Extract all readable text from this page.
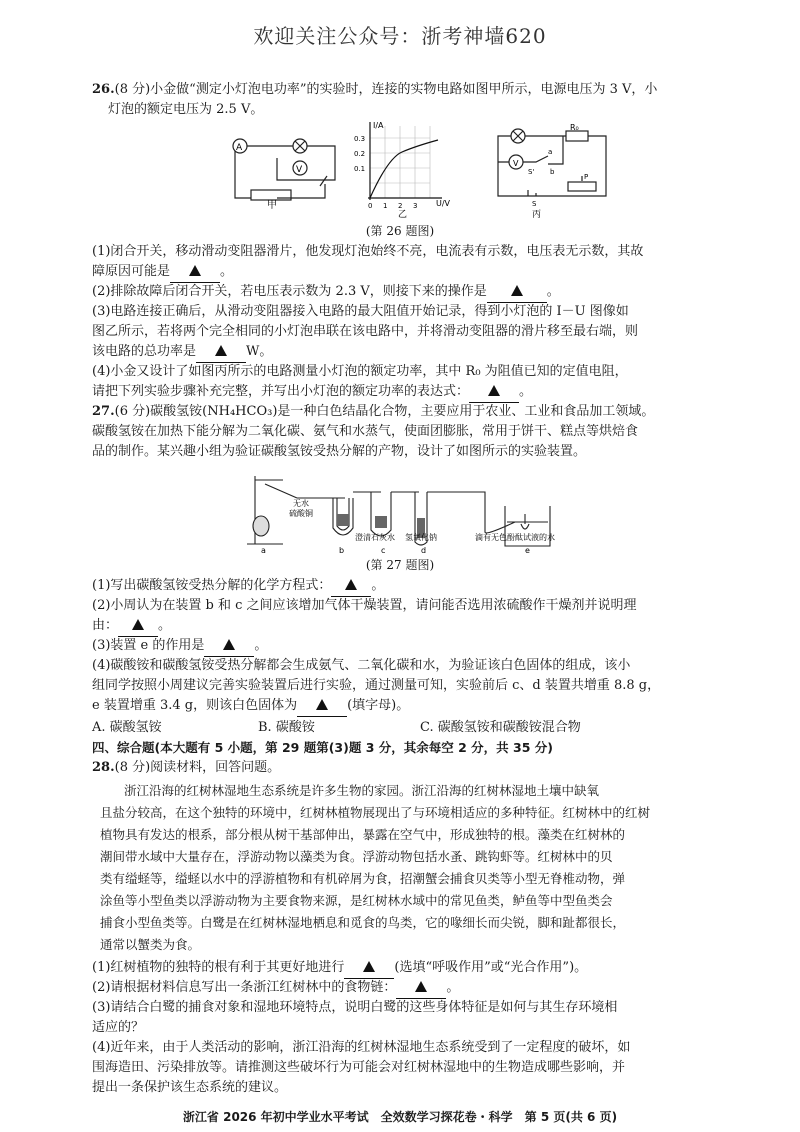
欢迎关注公众号：浙考神墙620
26.(8 分)小金做“测定小灯泡电功率”的实验时，连接的实物电路如图甲所示，电源电压为 3 V，小
灯泡的额定电压为 2.5 V。
A
V
甲
I/A
U/V
0.3
0.2
0.1
0 1 2 3
乙
V
R₀
a
b
S'
P
S
丙
(第 26 题图)
(1)闭合开关，移动滑动变阻器滑片，他发现灯泡始终不亮，电流表有示数，电压表无示数，其故
障原因可能是	。
(2)排除故障后闭合开关，若电压表示数为 2.3 V，则接下来的操作是	。
(3)电路连接正确后，从滑动变阻器接入电路的最大阻值开始记录，得到小灯泡的 I－U 图像如
图乙所示，若将两个完全相同的小灯泡串联在该电路中，并将滑动变阻器的滑片移至最右端，则
该电路的总功率是	W。
(4)小金又设计了如图丙所示的电路测量小灯泡的额定功率，其中 R₀ 为阻值已知的定值电阻，
请把下列实验步骤补充完整，并写出小灯泡的额定功率的表达式：	。
27.(6 分)碳酸氢铵(NH₄HCO₃)是一种白色结晶化合物，主要应用于农业、工业和食品加工领域。
碳酸氢铵在加热下能分解为二氧化碳、氨气和水蒸气，使面团膨胀，常用于饼干、糕点等烘焙食
品的制作。某兴趣小组为验证碳酸氢铵受热分解的产物，设计了如图所示的实验装置。
无水
硫酸铜
澄清石灰水 氢氧化钠	滴有无色酚酞试液的水
a	b	c	d	e
(第 27 题图)
(1)写出碳酸氢铵受热分解的化学方程式：	。
(2)小周认为在装置 b 和 c 之间应该增加气体干燥装置，请问能否选用浓硫酸作干燥剂并说明理
由：	。
(3)装置 e 的作用是	。
(4)碳酸铵和碳酸氢铵受热分解都会生成氨气、二氧化碳和水，为验证该白色固体的组成，该小
组同学按照小周建议完善实验装置后进行实验，通过测量可知，实验前后 c、d 装置共增重 8.8 g，
e 装置增重 3.4 g，则该白色固体为	(填字母)。
A. 碳酸氢铵	B. 碳酸铵	C. 碳酸氢铵和碳酸铵混合物
四、综合题(本大题有 5 小题，第 29 题第(3)题 3 分，其余每空 2 分，共 35 分)
28.(8 分)阅读材料，回答问题。
浙江沿海的红树林湿地生态系统是许多生物的家园。浙江沿海的红树林湿地土壤中缺氧
且盐分较高，在这个独特的环境中，红树林植物展现出了与环境相适应的多种特征。红树林中的红树
植物具有发达的根系，部分根从树干基部伸出，暴露在空气中，形成独特的根。藻类在红树林的
潮间带水域中大量存在，浮游动物以藻类为食。浮游动物包括水蚤、跳钩虾等。红树林中的贝
类有缢蛏等，缢蛏以水中的浮游植物和有机碎屑为食，招潮蟹会捕食贝类等小型无脊椎动物，弹
涂鱼等小型鱼类以浮游动物为主要食物来源，是红树林水域中的常见鱼类，鲈鱼等中型鱼类会
捕食小型鱼类等。白鹭是在红树林湿地栖息和觅食的鸟类，它的喙细长而尖锐，脚和趾都很长，
通常以蟹类为食。
(1)红树植物的独特的根有利于其更好地进行	(选填“呼吸作用”或“光合作用”)。
(2)请根据材料信息写出一条浙江红树林中的食物链：	。
(3)请结合白鹭的捕食对象和湿地环境特点，说明白鹭的这些身体特征是如何与其生存环境相
适应的？
(4)近年来，由于人类活动的影响，浙江沿海的红树林湿地生态系统受到了一定程度的破坏，如
围海造田、污染排放等。请推测这些破坏行为可能会对红树林湿地中的生物造成哪些影响，并
提出一条保护该生态系统的建议。
浙江省 2026 年初中学业水平考试　全效数学习探花卷・科学　第 5 页(共 6 页)
